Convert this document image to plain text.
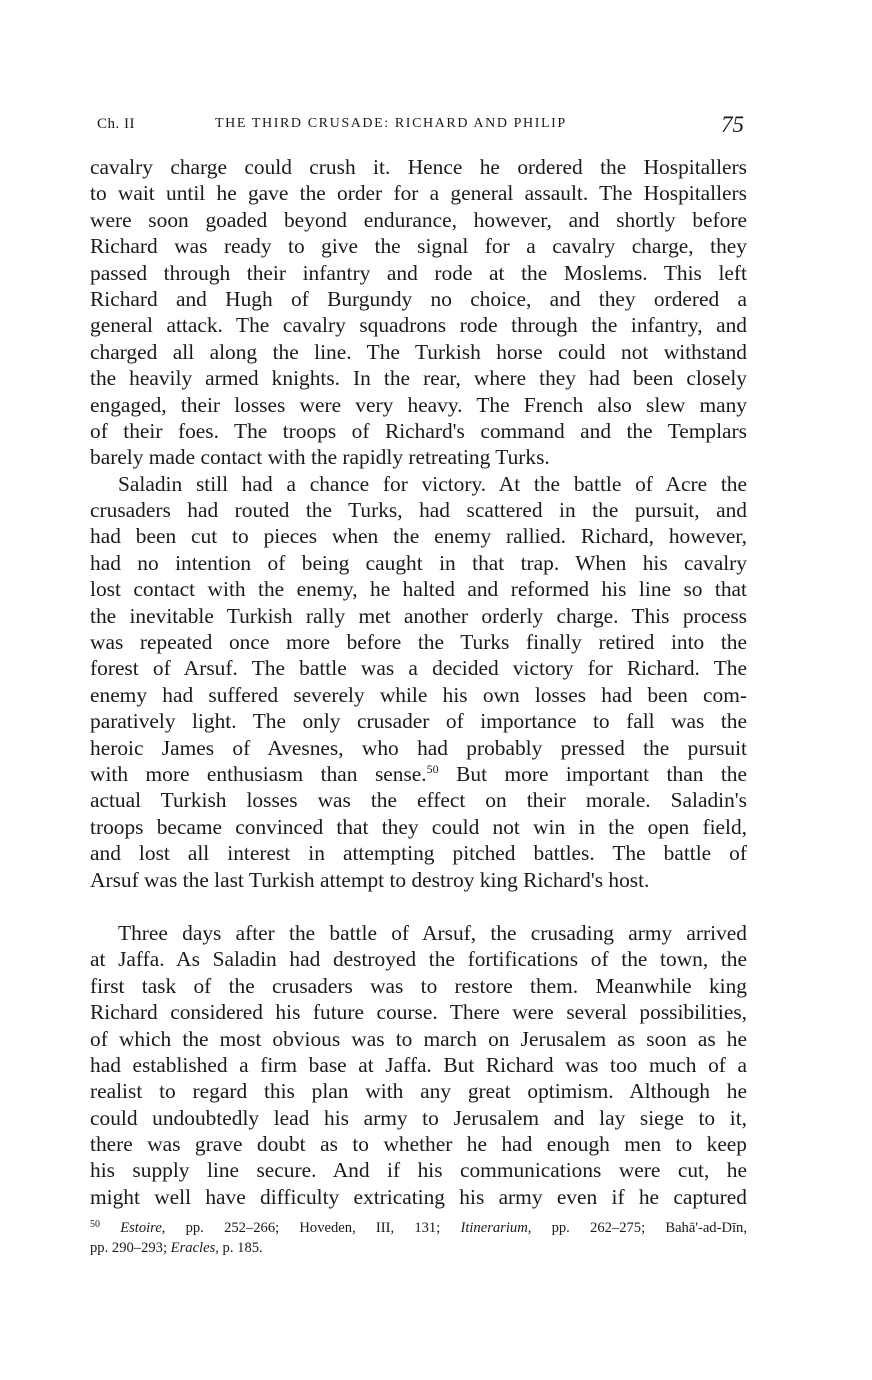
Ch. II	THE THIRD CRUSADE: RICHARD AND PHILIP	75
cavalry charge could crush it. Hence he ordered the Hospitallers
to wait until he gave the order for a general assault. The Hospitallers
were soon goaded beyond endurance, however, and shortly before
Richard was ready to give the signal for a cavalry charge, they
passed through their infantry and rode at the Moslems. This left
Richard and Hugh of Burgundy no choice, and they ordered a
general attack. The cavalry squadrons rode through the infantry, and
charged all along the line. The Turkish horse could not withstand
the heavily armed knights. In the rear, where they had been closely
engaged, their losses were very heavy. The French also slew many
of their foes. The troops of Richard's command and the Templars
barely made contact with the rapidly retreating Turks.
Saladin still had a chance for victory. At the battle of Acre the
crusaders had routed the Turks, had scattered in the pursuit, and
had been cut to pieces when the enemy rallied. Richard, however,
had no intention of being caught in that trap. When his cavalry
lost contact with the enemy, he halted and reformed his line so that
the inevitable Turkish rally met another orderly charge. This process
was repeated once more before the Turks finally retired into the
forest of Arsuf. The battle was a decided victory for Richard. The
enemy had suffered severely while his own losses had been com-
paratively light. The only crusader of importance to fall was the
heroic James of Avesnes, who had probably pressed the pursuit
with more enthusiasm than sense.$^{50}$ But more important than the
actual Turkish losses was the effect on their morale. Saladin's
troops became convinced that they could not win in the open field,
and lost all interest in attempting pitched battles. The battle of
Arsuf was the last Turkish attempt to destroy king Richard's host.
Three days after the battle of Arsuf, the crusading army arrived
at Jaffa. As Saladin had destroyed the fortifications of the town, the
first task of the crusaders was to restore them. Meanwhile king
Richard considered his future course. There were several possibilities,
of which the most obvious was to march on Jerusalem as soon as he
had established a firm base at Jaffa. But Richard was too much of a
realist to regard this plan with any great optimism. Although he
could undoubtedly lead his army to Jerusalem and lay siege to it,
there was grave doubt as to whether he had enough men to keep
his supply line secure. And if his communications were cut, he
might well have difficulty extricating his army even if he captured
$^{50}$ Estoire, pp. 252–266; Hoveden, III, 131; Itinerarium, pp. 262–275; Bahā'-ad-Dīn,
pp. 290–293; Eracles, p. 185.
